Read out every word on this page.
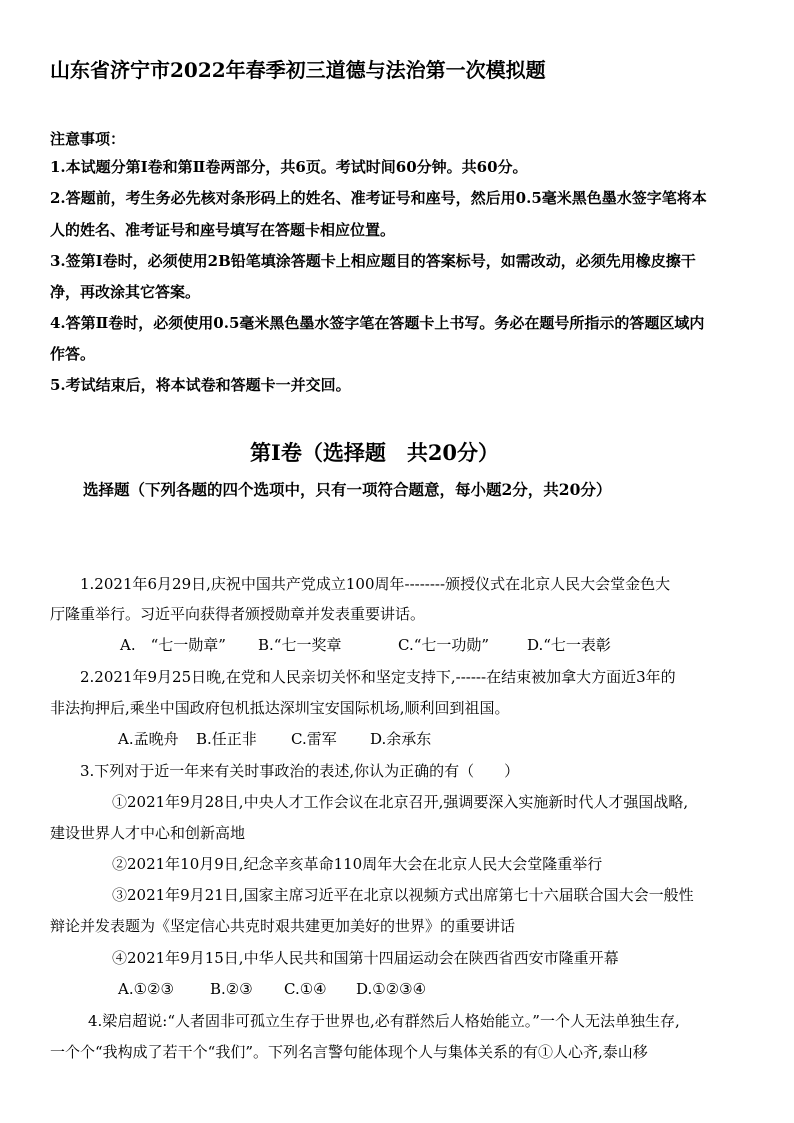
山东省济宁市2022年春季初三道德与法治第一次模拟题
注意事项：
1.本试题分第Ⅰ卷和第Ⅱ卷两部分，共6页。考试时间60分钟。共60分。
2.答题前，考生务必先核对条形码上的姓名、准考证号和座号，然后用0.5毫米黑色墨水签字笔将本
人的姓名、准考证号和座号填写在答题卡相应位置。
3.签第Ⅰ卷时，必须使用2B铅笔填涂答题卡上相应题目的答案标号，如需改动，必须先用橡皮擦干
净，再改涂其它答案。
4.答第Ⅱ卷时，必须使用0.5毫米黑色墨水签字笔在答题卡上书写。务必在题号所指示的答题区域内
作答。
5.考试结束后，将本试卷和答题卡一并交回。
第Ⅰ卷（选择题　共20分）
选择题（下列各题的四个选项中，只有一项符合题意，每小题2分，共20分）
1.2021年6月29日,庆祝中国共产党成立100周年--------颁授仪式在北京人民大会堂金色大
厅隆重举行。习近平向获得者颁授勋章并发表重要讲话。
A.　“七一勋章” B.“七一奖章	C.“七一功勋”	D.“七一表彰
2.2021年9月25日晚,在党和人民亲切关怀和坚定支持下,------在结束被加拿大方面近3年的
非法拘押后,乘坐中国政府包机抵达深圳宝安国际机场,顺利回到祖国。
A.孟晚舟 B.任正非 C.雷军 D.余承东
3.下列对于近一年来有关时事政治的表述,你认为正确的有（　　）
①2021年9月28日,中央人才工作会议在北京召开,强调要深入实施新时代人才强国战略,
建设世界人才中心和创新高地
②2021年10月9日,纪念辛亥革命110周年大会在北京人民大会堂隆重举行
③2021年9月21日,国家主席习近平在北京以视频方式出席第七十六届联合国大会一般性
辩论并发表题为《坚定信心共克时艰共建更加美好的世界》的重要讲话
④2021年9月15日,中华人民共和国第十四届运动会在陕西省西安市隆重开幕
A.①②③ B.②③ C.①④ D.①②③④
4.梁启超说:“人者固非可孤立生存于世界也,必有群然后人格始能立。”一个人无法单独生存,
一个个“我构成了若干个“我们”。下列名言警句能体现个人与集体关系的有①人心齐,泰山移
